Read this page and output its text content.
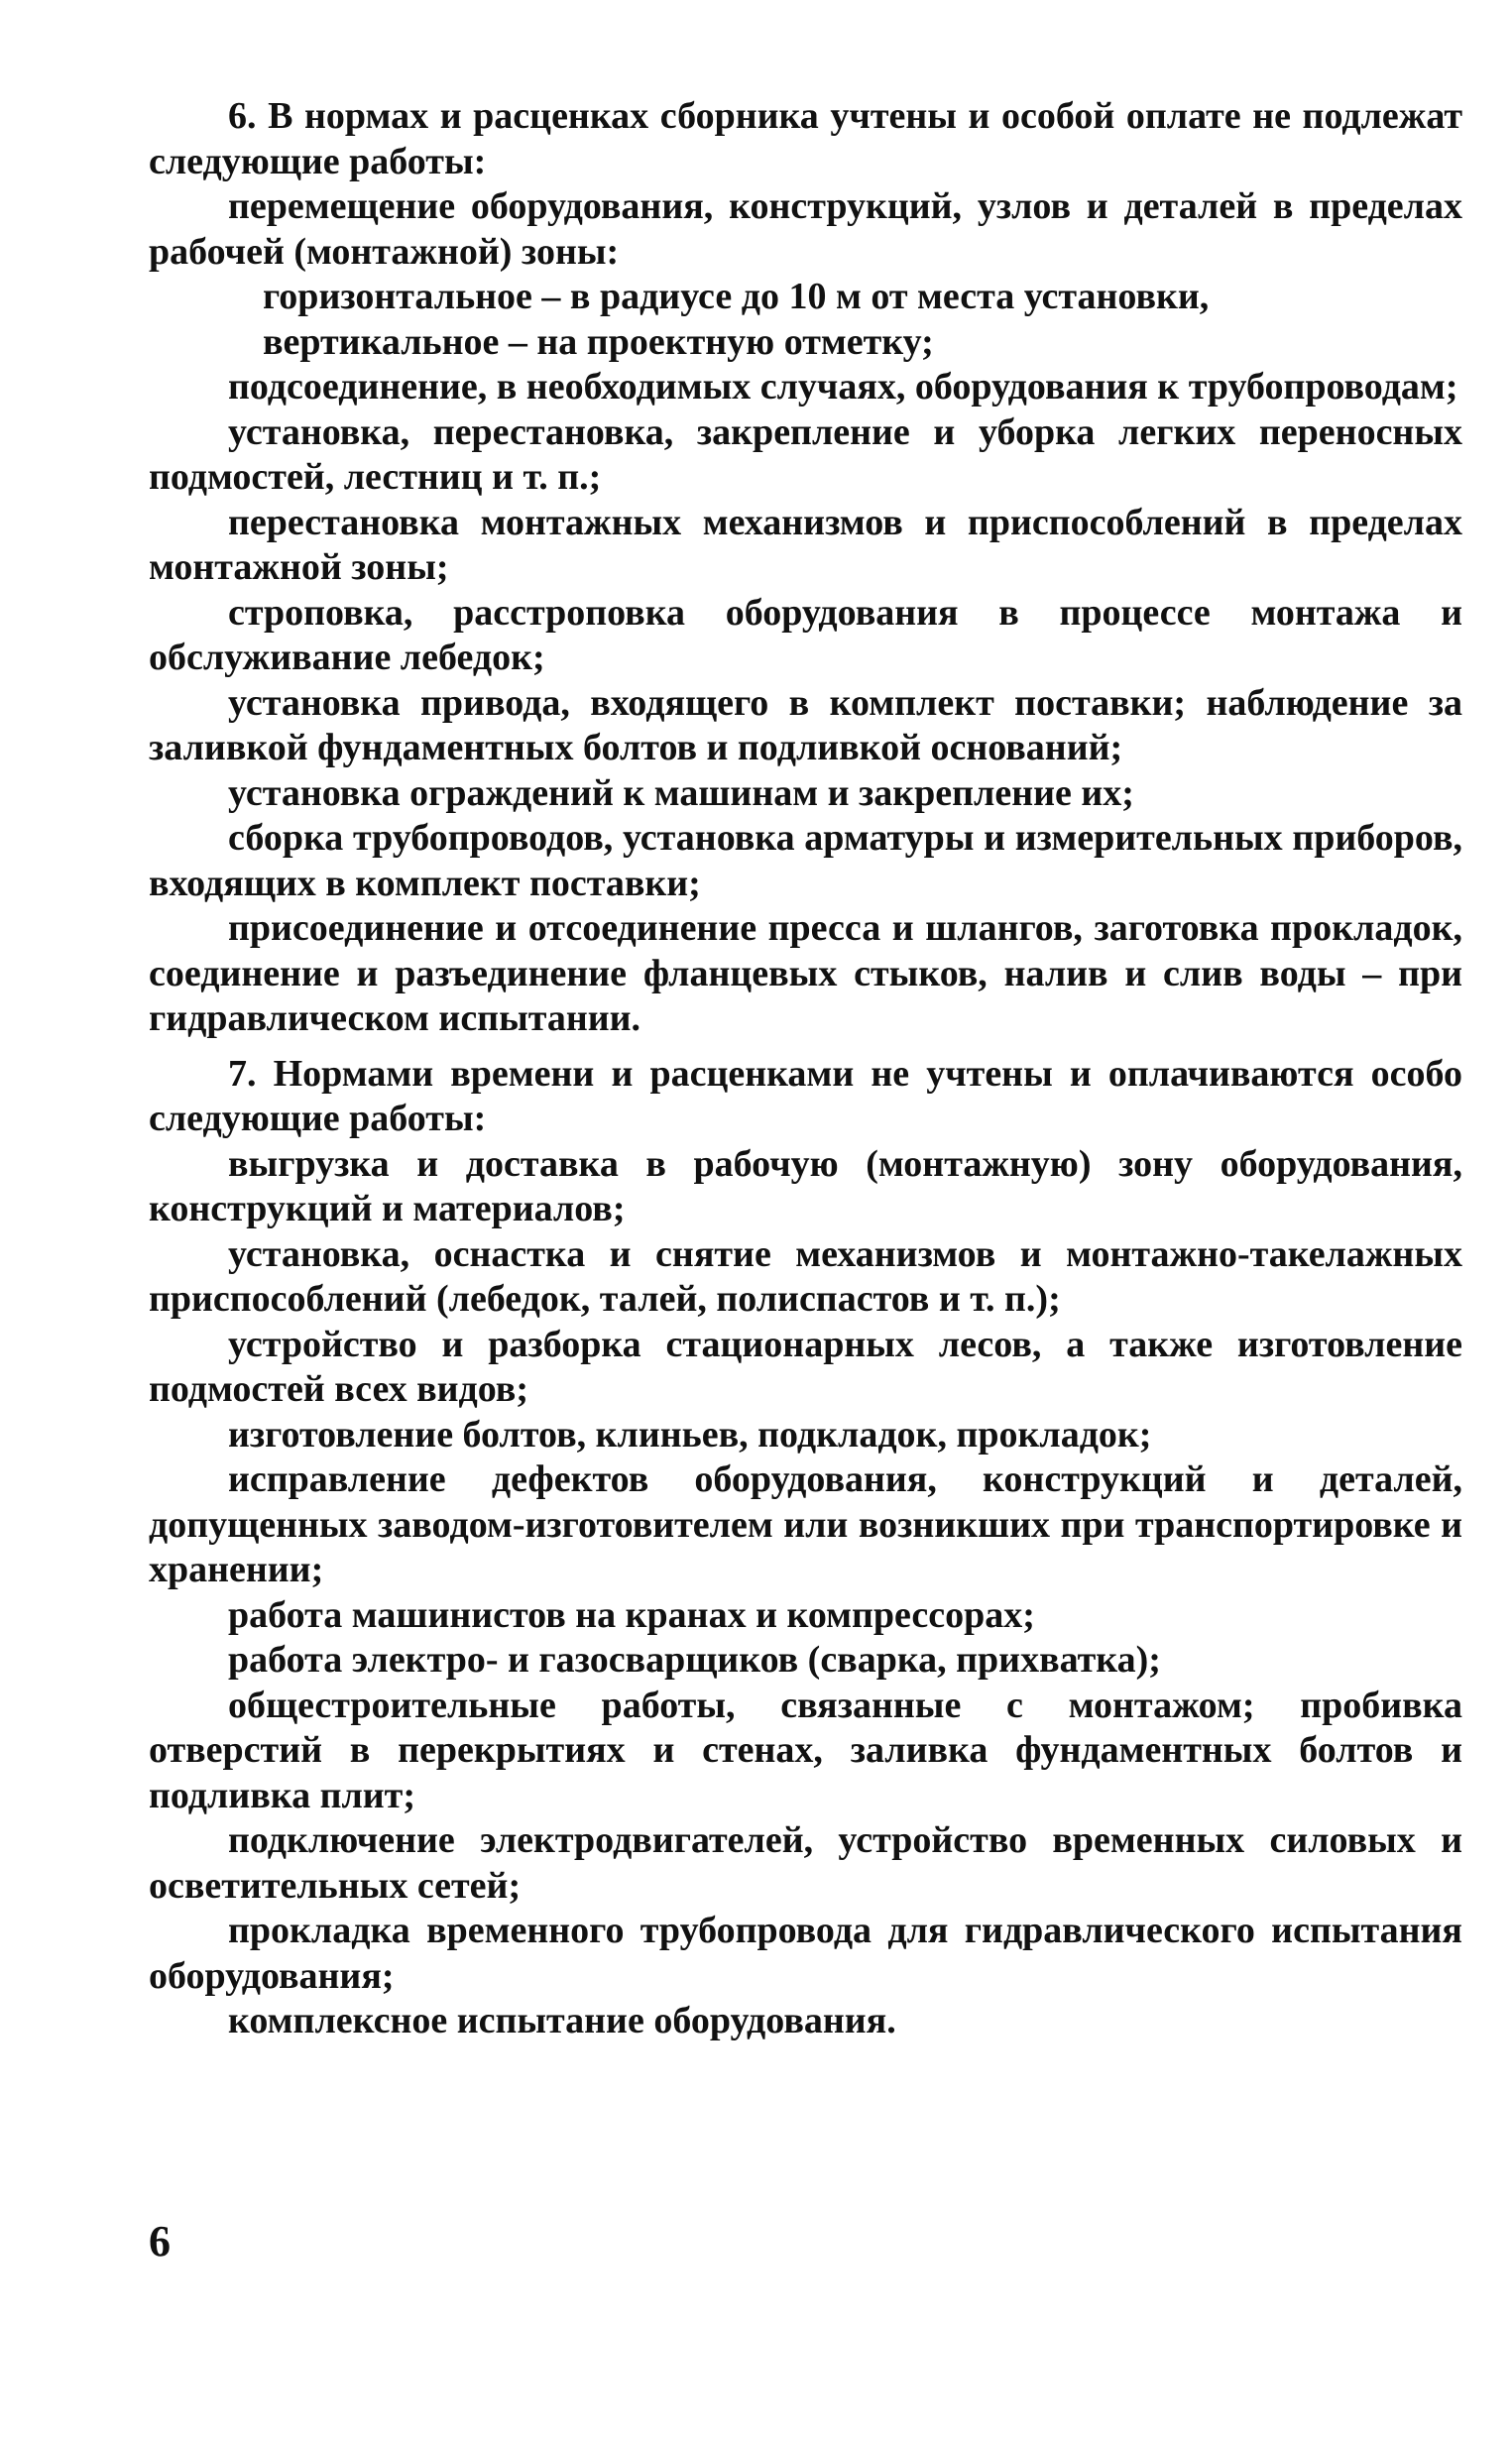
6. В нормах и расценках сборника учтены и особой оплате не подлежат следующие работы:

перемещение оборудования, конструкций, узлов и деталей в пределах рабочей (монтажной) зоны:

горизонтальное – в радиусе до 10 м от места установки,

вертикальное – на проектную отметку;

подсоединение, в необходимых случаях, оборудования к трубопроводам;

установка, перестановка, закрепление и уборка легких переносных подмостей, лестниц и т. п.;

перестановка монтажных механизмов и приспособлений в пределах монтажной зоны;

строповка, расстроповка оборудования в процессе монтажа и обслуживание лебедок;

установка привода, входящего в комплект поставки; наблюдение за заливкой фундаментных болтов и подливкой оснований;

установка ограждений к машинам и закрепление их;

сборка трубопроводов, установка арматуры и измерительных приборов, входящих в комплект поставки;

присоединение и отсоединение пресса и шлангов, заготовка прокладок, соединение и разъединение фланцевых стыков, налив и слив воды – при гидравлическом испытании.

7. Нормами времени и расценками не учтены и оплачиваются особо следующие работы:

выгрузка и доставка в рабочую (монтажную) зону оборудования, конструкций и материалов;

установка, оснастка и снятие механизмов и монтажно-такелажных приспособлений (лебедок, талей, полиспастов и т. п.);

устройство и разборка стационарных лесов, а также изготовление подмостей всех видов;

изготовление болтов, клиньев, подкладок, прокладок;

исправление дефектов оборудования, конструкций и деталей, допущенных заводом-изготовителем или возникших при транспортировке и хранении;

работа машинистов на кранах и компрессорах;

работа электро- и газосварщиков (сварка, прихватка);

общестроительные работы, связанные с монтажом; пробивка отверстий в перекрытиях и стенах, заливка фундаментных болтов и подливка плит;

подключение электродвигателей, устройство временных силовых и осветительных сетей;

прокладка временного трубопровода для гидравлического испытания оборудования;

комплексное испытание оборудования.

6
